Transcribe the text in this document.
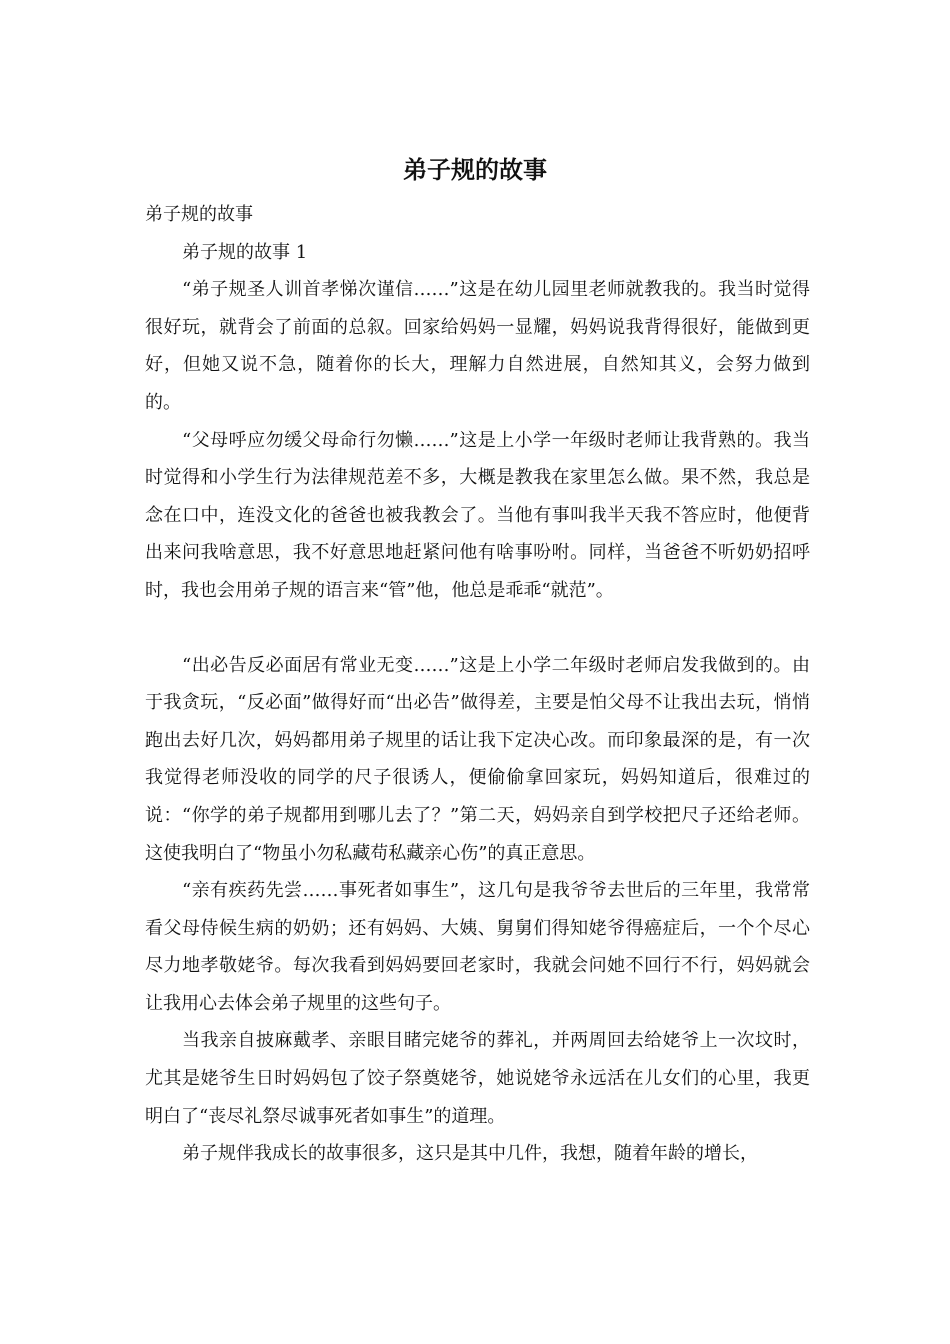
弟子规的故事

弟子规的故事

弟子规的故事 1

“弟子规圣人训首孝悌次谨信……”这是在幼儿园里老师就教我的。我当时觉得很好玩，就背会了前面的总叙。回家给妈妈一显耀，妈妈说我背得很好，能做到更好，但她又说不急，随着你的长大，理解力自然进展，自然知其义，会努力做到的。

“父母呼应勿缓父母命行勿懒……”这是上小学一年级时老师让我背熟的。我当时觉得和小学生行为法律规范差不多，大概是教我在家里怎么做。果不然，我总是念在口中，连没文化的爸爸也被我教会了。当他有事叫我半天我不答应时，他便背出来问我啥意思，我不好意思地赶紧问他有啥事吩咐。同样，当爸爸不听奶奶招呼时，我也会用弟子规的语言来“管”他，他总是乖乖“就范”。

“出必告反必面居有常业无变……”这是上小学二年级时老师启发我做到的。由于我贪玩，“反必面”做得好而“出必告”做得差，主要是怕父母不让我出去玩，悄悄跑出去好几次，妈妈都用弟子规里的话让我下定决心改。而印象最深的是，有一次我觉得老师没收的同学的尺子很诱人，便偷偷拿回家玩，妈妈知道后，很难过的说：“你学的弟子规都用到哪儿去了？”第二天，妈妈亲自到学校把尺子还给老师。这使我明白了“物虽小勿私藏苟私藏亲心伤”的真正意思。

“亲有疾药先尝……事死者如事生”，这几句是我爷爷去世后的三年里，我常常看父母侍候生病的奶奶；还有妈妈、大姨、舅舅们得知姥爷得癌症后，一个个尽心尽力地孝敬姥爷。每次我看到妈妈要回老家时，我就会问她不回行不行，妈妈就会让我用心去体会弟子规里的这些句子。

当我亲自披麻戴孝、亲眼目睹完姥爷的葬礼，并两周回去给姥爷上一次坟时，尤其是姥爷生日时妈妈包了饺子祭奠姥爷，她说姥爷永远活在儿女们的心里，我更明白了“丧尽礼祭尽诚事死者如事生”的道理。

弟子规伴我成长的故事很多，这只是其中几件，我想，随着年龄的增长，
